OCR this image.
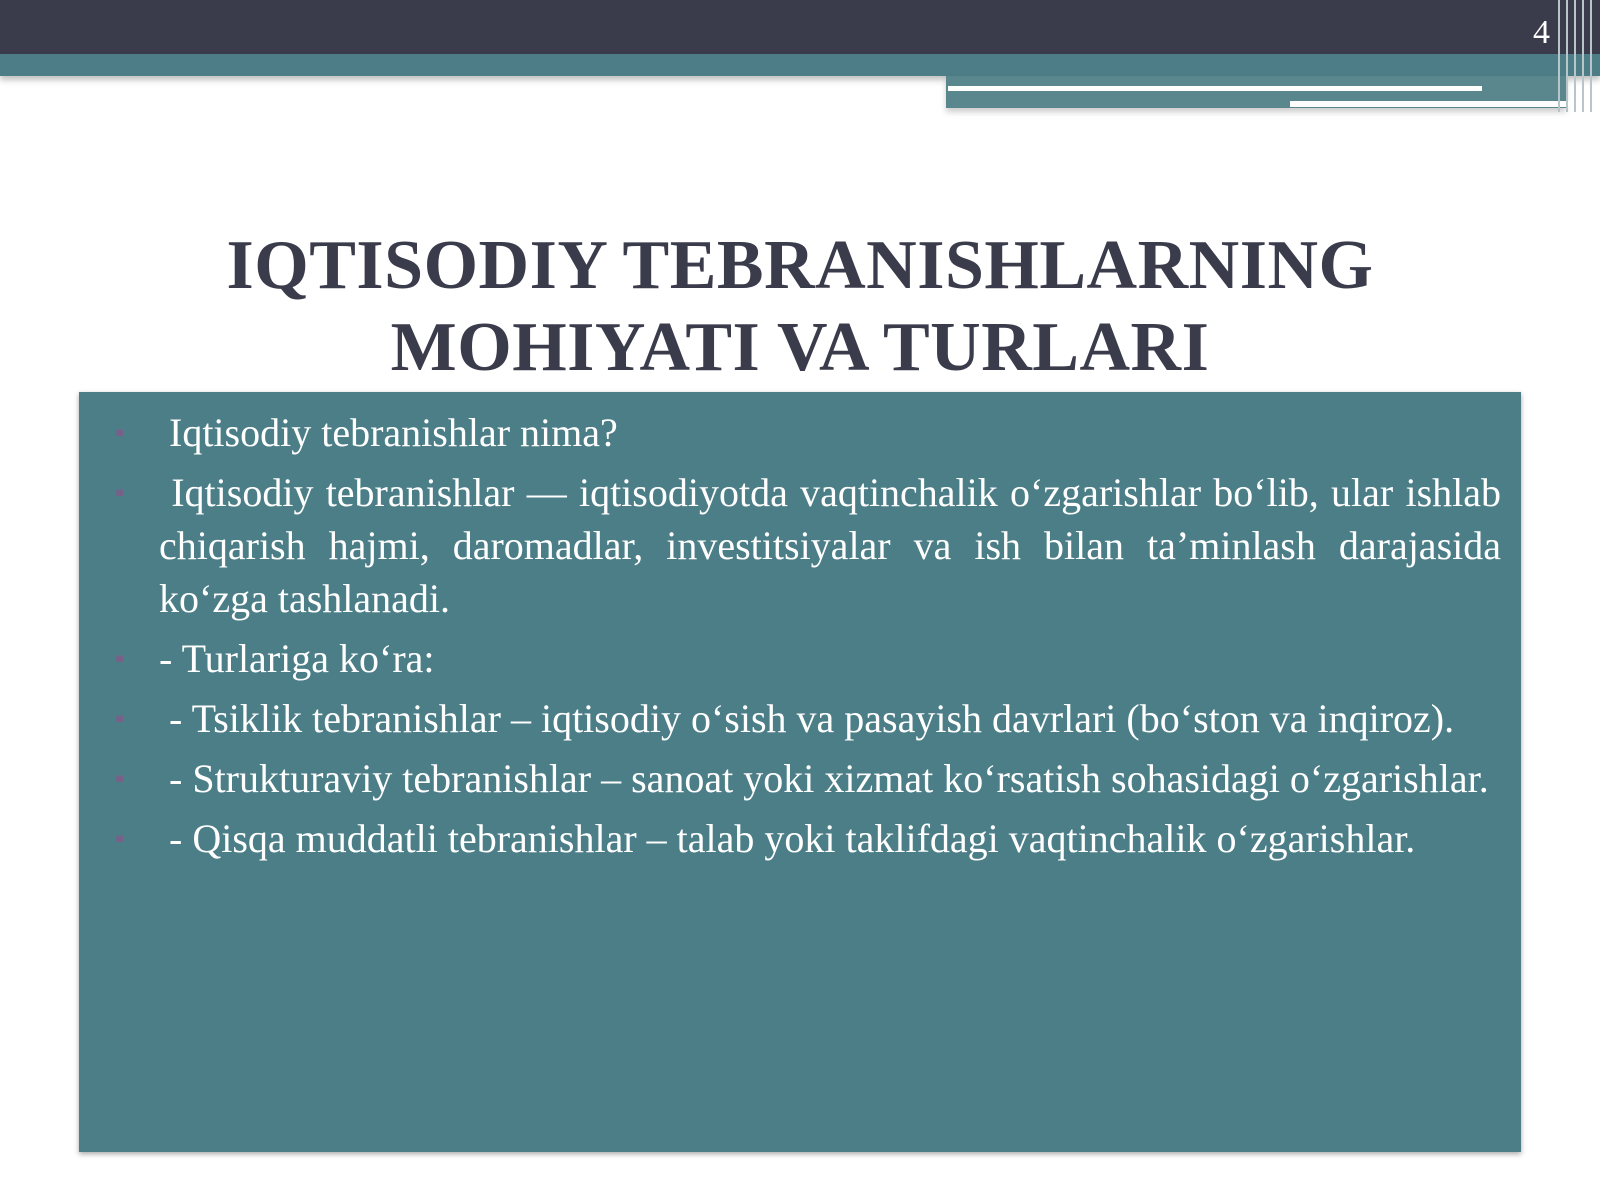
4
IQTISODIY TEBRANISHLARNING MOHIYATI VA TURLARI
▪ Iqtisodiy tebranishlar nima?
▪ Iqtisodiy tebranishlar — iqtisodiyotda vaqtinchalik o‘zgarishlar bo‘lib, ular ishlab chiqarish hajmi, daromadlar, investitsiyalar va ish bilan ta’minlash darajasida ko‘zga tashlanadi.
▪ - Turlariga ko‘ra:
▪ - Tsiklik tebranishlar – iqtisodiy o‘sish va pasayish davrlari (bo‘ston va inqiroz).
▪ - Strukturaviy tebranishlar – sanoat yoki xizmat ko‘rsatish sohasidagi o‘zgarishlar.
▪ - Qisqa muddatli tebranishlar – talab yoki taklifdagi vaqtinchalik o‘zgarishlar.
